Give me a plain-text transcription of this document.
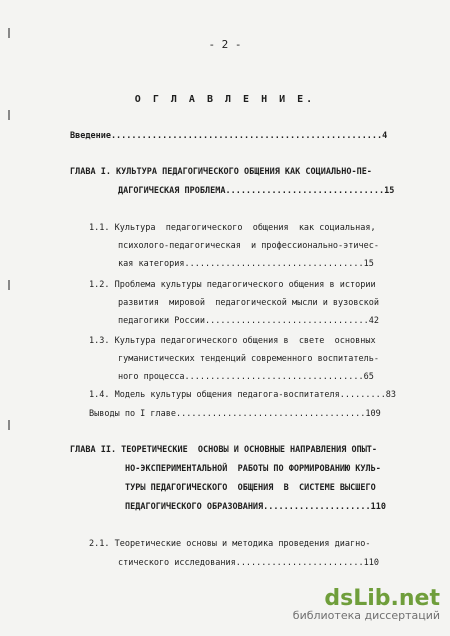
- 2 -
О Г Л А В Л Е Н И Е.
Введение.....................................................4
ГЛАВА I. КУЛЬТУРА ПЕДАГОГИЧЕСКОГО ОБЩЕНИЯ КАК СОЦИАЛЬНО-ПЕ-
ДАГОГИЧЕСКАЯ ПРОБЛЕМА...............................15
1.1. Культура  педагогического  общения  как социальная,
психолого-педагогическая  и профессионально-этичес-
кая категория...................................15
1.2. Проблема культуры педагогического общения в истории
развития  мировой  педагогической мысли и вузовской
педагогики России................................42
1.3. Культура педагогического общения в  свете  основных
гуманистических тенденций современного воспитатель-
ного процесса...................................65
1.4. Модель культуры общения педагога-воспитателя.........83
Выводы по I главе.....................................109
ГЛАВА II. ТЕОРЕТИЧЕСКИЕ  ОСНОВЫ И ОСНОВНЫЕ НАПРАВЛЕНИЯ ОПЫТ-
НО-ЭКСПЕРИМЕНТАЛЬНОЙ  РАБОТЫ ПО ФОРМИРОВАНИЮ КУЛЬ-
ТУРЫ ПЕДАГОГИЧЕСКОГО  ОБЩЕНИЯ  В  СИСТЕМЕ ВЫСШЕГО
ПЕДАГОГИЧЕСКОГО ОБРАЗОВАНИЯ.....................110
2.1. Теоретические основы и методика проведения диагно-
стического исследования.........................110
dsLib.net
библиотека диссертаций
